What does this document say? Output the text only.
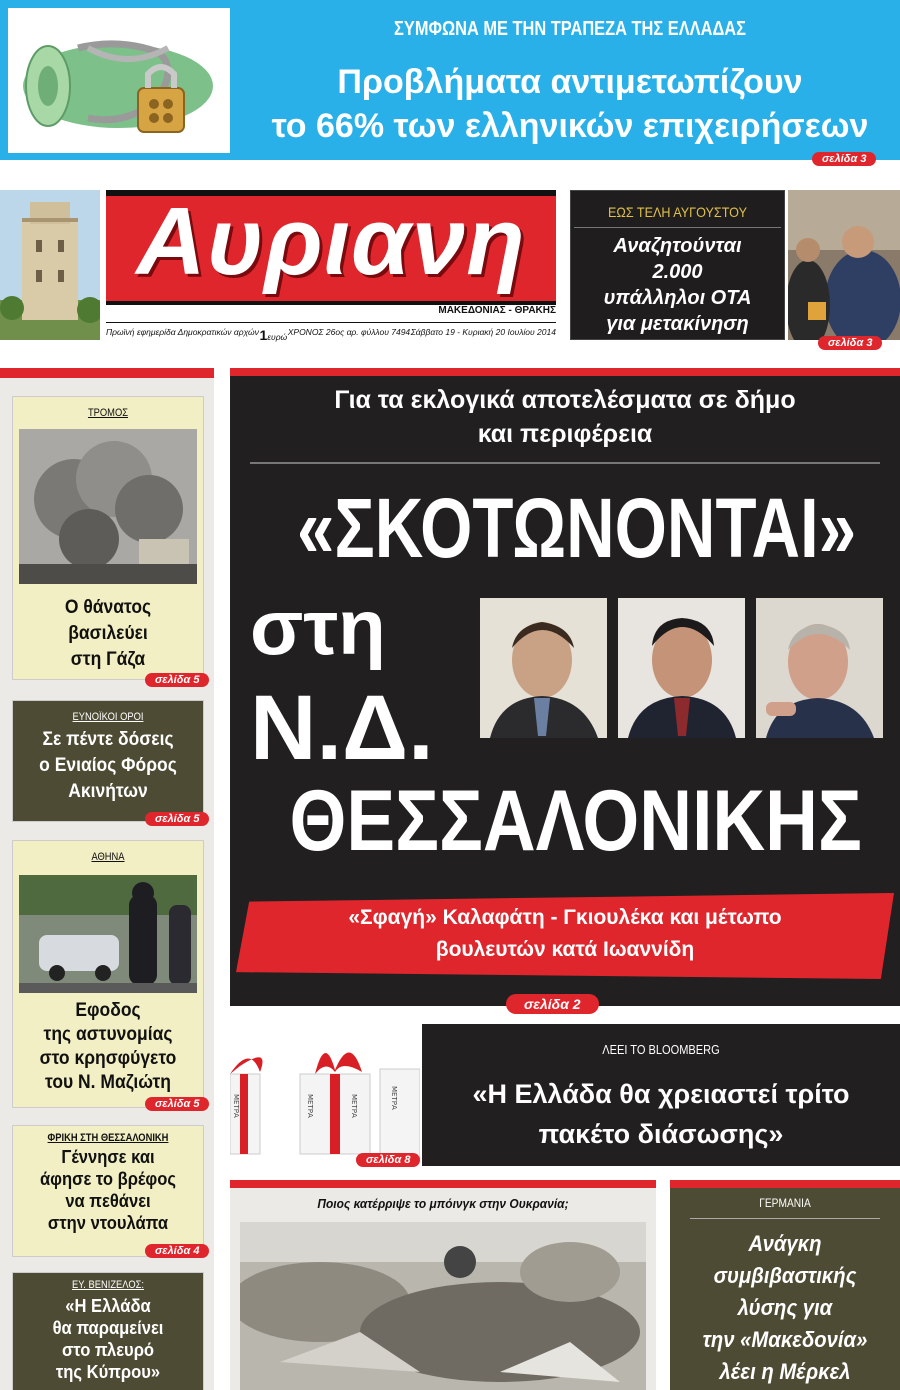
ΣΥΜΦΩΝΑ ΜΕ ΤΗΝ ΤΡΑΠΕΖΑ ΤΗΣ ΕΛΛΑΔΑΣ
Προβλήματα αντιμετωπίζουν
το 66% των ελληνικών επιχειρήσεων
σελίδα 3
Αυριανη
ΜΑΚΕΔΟΝΙΑΣ - ΘΡΑΚΗΣ
Πρωϊνή εφημερίδα Δημοκρατικών αρχών 1ευρώ ΧΡΟΝΟΣ 26ος αρ. φύλλου 7494 Σάββατο 19 - Κυριακή 20 Ιουλίου 2014
ΕΩΣ ΤΕΛΗ ΑΥΓΟΥΣΤΟΥ
Αναζητούνται
2.000
υπάλληλοι ΟΤΑ
για μετακίνηση
σελίδα 3
ΤΡΟΜΟΣ
Ο θάνατος
βασιλεύει
στη Γάζα
σελίδα 5
ΕΥΝΟΪΚΟΙ ΟΡΟΙ
Σε πέντε δόσεις
ο Ενιαίος Φόρος
Ακινήτων
σελίδα 5
ΑΘΗΝΑ
Εφοδος
της αστυνομίας
στο κρησφύγετο
του Ν. Μαζιώτη
σελίδα 5
ΦΡΙΚΗ ΣΤΗ ΘΕΣΣΑΛΟΝΙΚΗ
Γέννησε και
άφησε το βρέφος
να πεθάνει
στην ντουλάπα
σελίδα 4
ΕΥ. ΒΕΝΙΖΕΛΟΣ:
«Η Ελλάδα
θα παραμείνει
στο πλευρό
της Κύπρου»
Για τα εκλογικά αποτελέσματα σε δήμο
και περιφέρεια
«ΣΚΟΤΩΝΟΝΤΑΙ»
στη
Ν.Δ.
ΘΕΣΣΑΛΟΝΙΚΗΣ
«Σφαγή» Καλαφάτη - Γκιουλέκα και μέτωπο
βουλευτών κατά Ιωαννίδη
σελίδα 2
ΜΕΤΡΑ	ΜΕΤΡΑ	ΜΕΤΡΑ	ΜΕΤΡΑ
ΛΕΕΙ ΤΟ BLOOMBERG
«Η Ελλάδα θα χρειαστεί τρίτο
πακέτο διάσωσης»
σελίδα 8
Ποιος κατέρριψε το μπόινγκ στην Ουκρανία;	ΓΕΡΜΑΝΙΑ
Ανάγκη
συμβιβαστικής
λύσης για
την «Μακεδονία»
λέει η Μέρκελ
